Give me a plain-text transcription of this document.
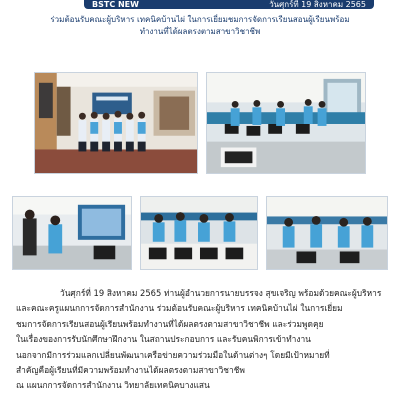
BSTC NEW	วันศุกร์ที่ 19 สิงหาคม 2565
ร่วมต้อนรับคณะผู้บริหาร เทคนิคบ้านไผ่ ในการเยี่ยมชมการจัดการเรียนสอนผู้เรียนพร้อม
ทำงานที่ได้ผลตรงตามสาขาวิชาชีพ
วันศุกร์ที่ 19 สิงหาคม 2565 ท่านผู้อำนวยการนายบรรจง สุขเจริญ พร้อมด้วยคณะผู้บริหาร
และคณะครูแผนกการจัดการสำนักงาน ร่วมต้อนรับคณะผู้บริหาร เทคนิคบ้านไผ่ ในการเยี่ยม
ชมการจัดการเรียนสอนผู้เรียนพร้อมทำงานที่ได้ผลตรงตามสาขาวิชาชีพ และร่วมพูดคุย
ในเรื่องของการรับนักศึกษาฝึกงาน ในสถานประกอบการ และรับคนพิการเข้าทำงาน
นอกจากมีการร่วมแลกเปลี่ยนพัฒนาเครือข่ายความร่วมมือในด้านต่างๆ โดยมีเป้าหมายที่
สำคัญคือผู้เรียนที่มีความพร้อมทำงานได้ผลตรงตามสาขาวิชาชีพ
ณ แผนกการจัดการสำนักงาน วิทยาลัยเทคนิคบางแสน
